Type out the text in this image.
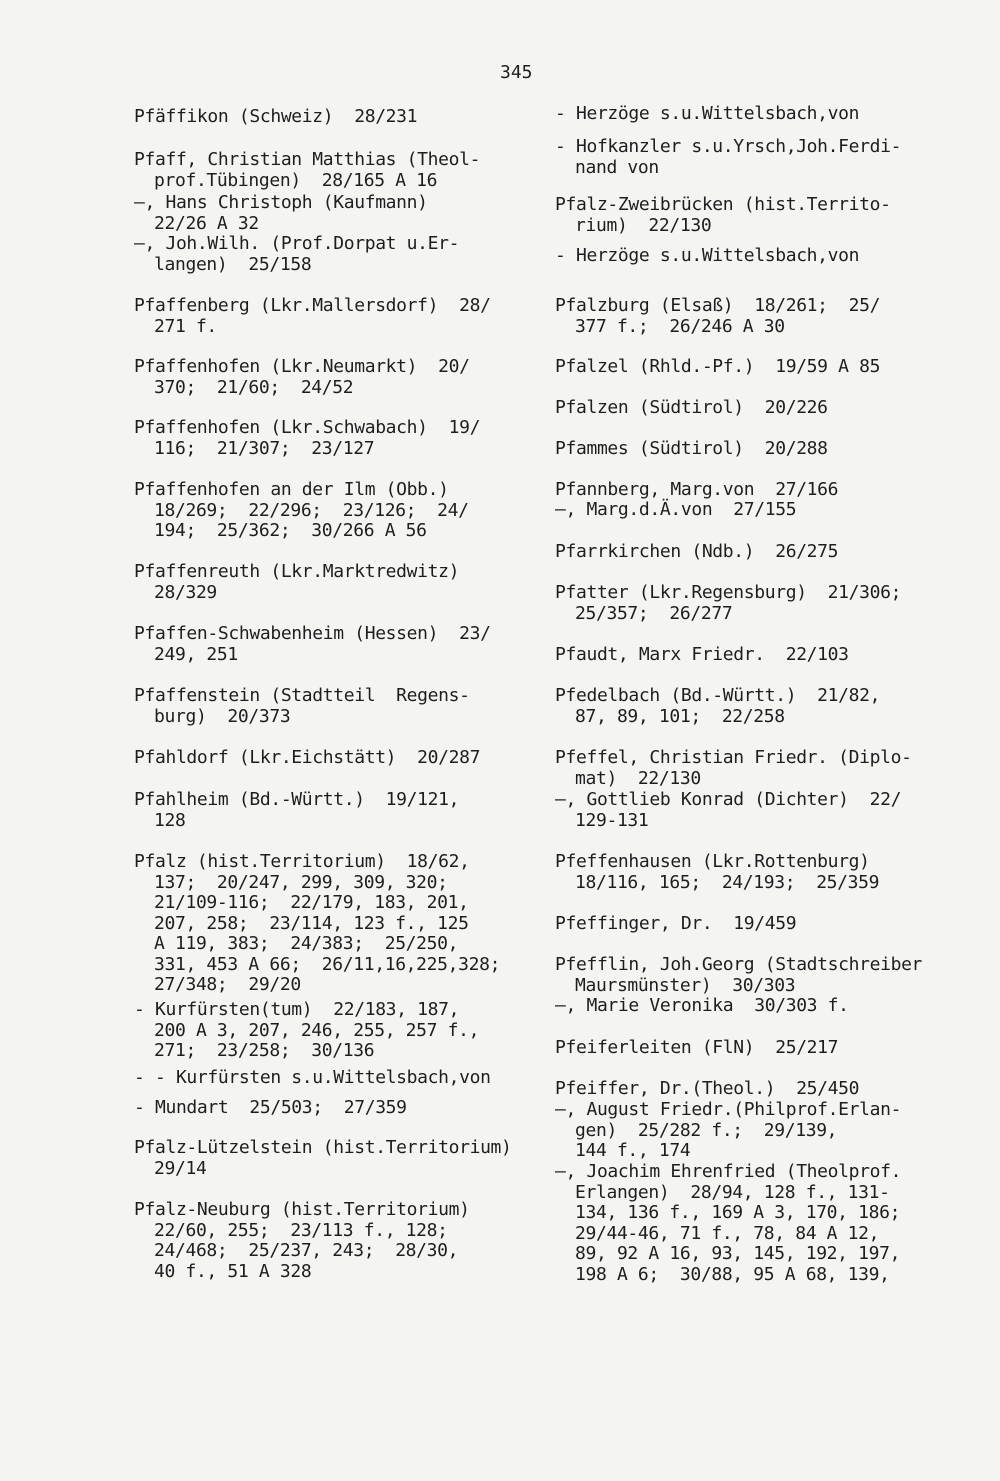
345
Pfäffikon (Schweiz)  28/231
Pfaff, Christian Matthias (Theol-
prof.Tübingen)  28/165 A 16
—, Hans Christoph (Kaufmann)
22/26 A 32
—, Joh.Wilh. (Prof.Dorpat u.Er-
langen)  25/158
Pfaffenberg (Lkr.Mallersdorf)  28/
271 f.
Pfaffenhofen (Lkr.Neumarkt)  20/
370;  21/60;  24/52
Pfaffenhofen (Lkr.Schwabach)  19/
116;  21/307;  23/127
Pfaffenhofen an der Ilm (Obb.)
18/269;  22/296;  23/126;  24/
194;  25/362;  30/266 A 56
Pfaffenreuth (Lkr.Marktredwitz)
28/329
Pfaffen-Schwabenheim (Hessen)  23/
249, 251
Pfaffenstein (Stadtteil  Regens-
burg)  20/373
Pfahldorf (Lkr.Eichstätt)  20/287
Pfahlheim (Bd.-Württ.)  19/121,
128
Pfalz (hist.Territorium)  18/62,
137;  20/247, 299, 309, 320;
21/109-116;  22/179, 183, 201,
207, 258;  23/114, 123 f., 125
A 119, 383;  24/383;  25/250,
331, 453 A 66;  26/11,16,225,328;
27/348;  29/20
- Kurfürsten(tum)  22/183, 187,
200 A 3, 207, 246, 255, 257 f.,
271;  23/258;  30/136
- - Kurfürsten s.u.Wittelsbach,von
- Mundart  25/503;  27/359
Pfalz-Lützelstein (hist.Territorium)
29/14
Pfalz-Neuburg (hist.Territorium)
22/60, 255;  23/113 f., 128;
24/468;  25/237, 243;  28/30,
40 f., 51 A 328
- Herzöge s.u.Wittelsbach,von
- Hofkanzler s.u.Yrsch,Joh.Ferdi-
nand von
Pfalz-Zweibrücken (hist.Territo-
rium)  22/130
- Herzöge s.u.Wittelsbach,von
Pfalzburg (Elsaß)  18/261;  25/
377 f.;  26/246 A 30
Pfalzel (Rhld.-Pf.)  19/59 A 85
Pfalzen (Südtirol)  20/226
Pfammes (Südtirol)  20/288
Pfannberg, Marg.von  27/166
—, Marg.d.Ä.von  27/155
Pfarrkirchen (Ndb.)  26/275
Pfatter (Lkr.Regensburg)  21/306;
25/357;  26/277
Pfaudt, Marx Friedr.  22/103
Pfedelbach (Bd.-Württ.)  21/82,
87, 89, 101;  22/258
Pfeffel, Christian Friedr. (Diplo-
mat)  22/130
—, Gottlieb Konrad (Dichter)  22/
129-131
Pfeffenhausen (Lkr.Rottenburg)
18/116, 165;  24/193;  25/359
Pfeffinger, Dr.  19/459
Pfefflin, Joh.Georg (Stadtschreiber
Maursmünster)  30/303
—, Marie Veronika  30/303 f.
Pfeiferleiten (FlN)  25/217
Pfeiffer, Dr.(Theol.)  25/450
—, August Friedr.(Philprof.Erlan-
gen)  25/282 f.;  29/139,
144 f., 174
—, Joachim Ehrenfried (Theolprof.
Erlangen)  28/94, 128 f., 131-
134, 136 f., 169 A 3, 170, 186;
29/44-46, 71 f., 78, 84 A 12,
89, 92 A 16, 93, 145, 192, 197,
198 A 6;  30/88, 95 A 68, 139,
